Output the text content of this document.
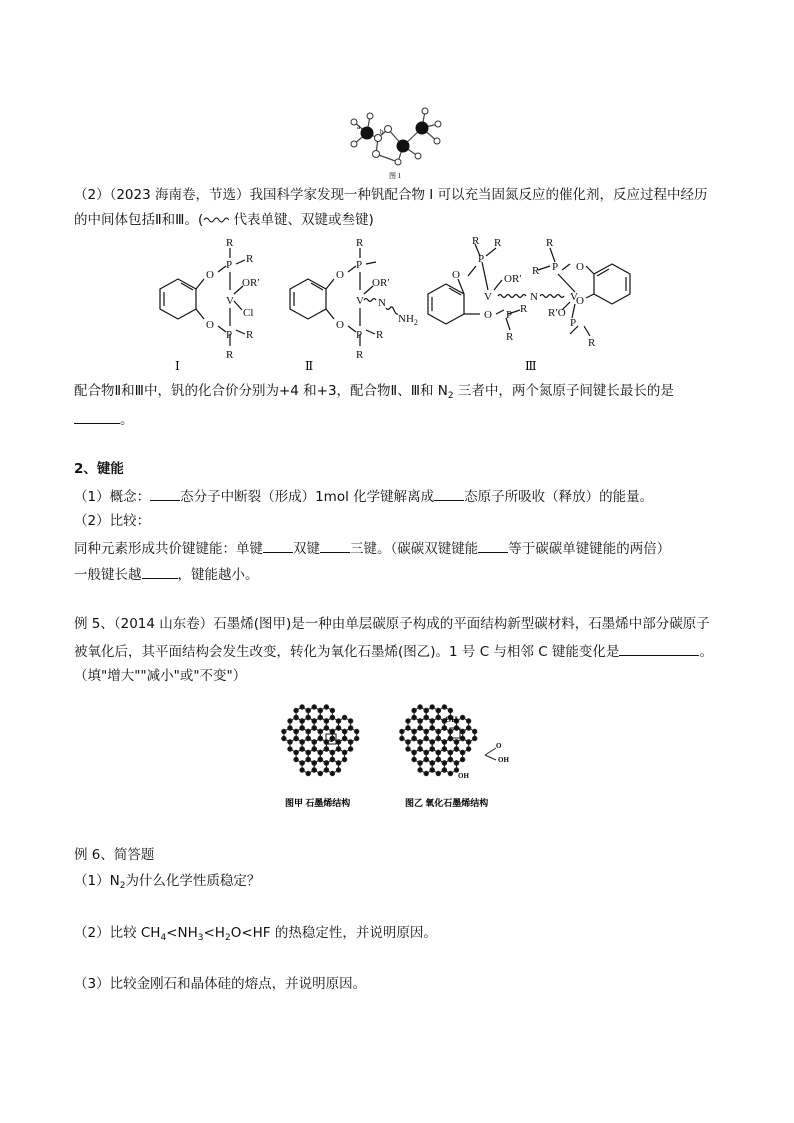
a
b
图 1
（2）（2023 海南卷，节选）我国科学家发现一种钒配合物 I 可以充当固氮反应的催化剂，反应过程中经历
的中间体包括Ⅱ和Ⅲ。( 代表单键、双键或叁键)
O
O
P
P
R
R
R
R
V
OR′
Cl
O
O
P
P
R
R
R
V
OR′
N
$NH_2$
O
O
P
R R
R
R
P
V
OR′
N	V
O
O
P
R
R
R′O
P
R
Ⅰ	Ⅱ	Ⅲ
配合物Ⅱ和Ⅲ中，钒的化合价分别为+4 和+3，配合物Ⅱ、Ⅲ和 $N_2$ 三者中，两个氮原子间键长最长的是
。
2、键能
（1）概念： 态分子中断裂（形成）1mol 化学键解离成 态原子所吸收（释放）的能量。
（2）比较：
同种元素形成共价键键能：单键 双键 三键。（碳碳双键键能 等于碳碳单键键能的两倍）
一般键长越	，键能越小。
例 5、（2014 山东卷）石墨烯(图甲)是一种由单层碳原子构成的平面结构新型碳材料，石墨烯中部分碳原子
被氧化后，其平面结构会发生改变，转化为氧化石墨烯(图乙)。1 号 C 与相邻 C 键能变化是	。
（填"增大""减小"或"不变"）
1
OH
O
OH
OH
图甲 石墨烯结构	图乙 氧化石墨烯结构
例 6、简答题
$(1)N_2$为什么化学性质稳定？
（2）比较 $CH_4<NH_3<H_2O<HF$ 的热稳定性，并说明原因。
（3）比较金刚石和晶体硅的熔点，并说明原因。
